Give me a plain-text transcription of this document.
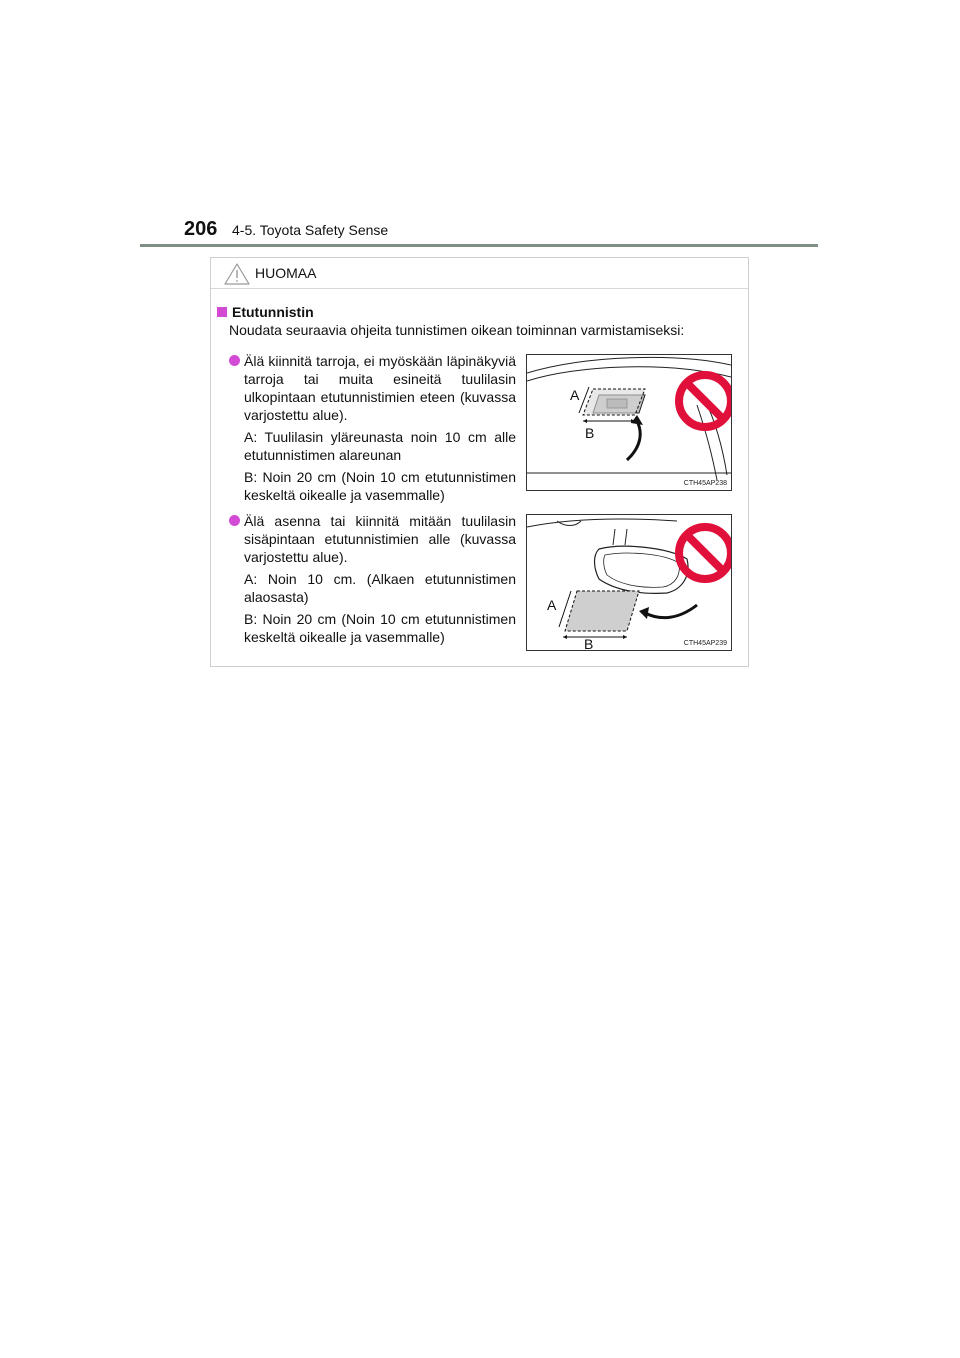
206 4-5. Toyota Safety Sense
HUOMAA
Etutunnistin
Noudata seuraavia ohjeita tunnistimen oikean toiminnan varmistamiseksi:
Älä kiinnitä tarroja, ei myöskään läpinäkyviä tarroja tai muita esineitä tuulilasin ulkopintaan etutunnistimien eteen (kuvassa varjostettu alue).
A: Tuulilasin yläreunasta noin 10 cm alle etutunnistimen alareunan
B: Noin 20 cm (Noin 10 cm etutunnistimen keskeltä oikealle ja vasemmalle)
A
B
CTH45AP238
Älä asenna tai kiinnitä mitään tuulilasin sisäpintaan etutunnistimien alle (kuvassa varjostettu alue).
A: Noin 10 cm. (Alkaen etutunnistimen alaosasta)
B: Noin 20 cm (Noin 10 cm etutunnistimen keskeltä oikealle ja vasemmalle)
A
B	CTH45AP239
